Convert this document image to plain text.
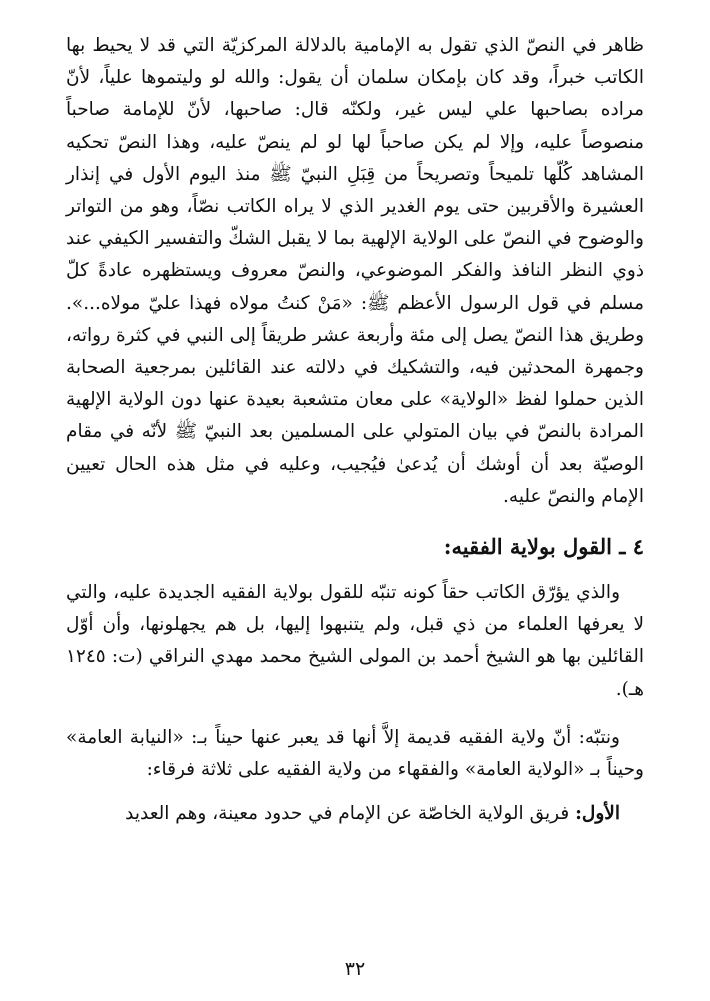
ظاهر في النصّ الذي تقول به الإمامية بالدلالة المركزيّة التي قد لا يحيط بها الكاتب خبراً، وقد كان بإمكان سلمان أن يقول: والله لو وليتموها علياً، لأنّ مراده بصاحبها علي ليس غير، ولكنّه قال: صاحبها، لأنّ للإمامة صاحباً منصوصاً عليه، وإلا لم يكن صاحباً لها لو لم ينصّ عليه، وهذا النصّ تحكيه المشاهد كُلّها تلميحاً وتصريحاً من قِبَلِ النبيّ ﷺ منذ اليوم الأول في إنذار العشيرة والأقربين حتى يوم الغدير الذي لا يراه الكاتب نصّاً، وهو من التواتر والوضوح في النصّ على الولاية الإلهية بما لا يقبل الشكّ والتفسير الكيفي عند ذوي النظر النافذ والفكر الموضوعي، والنصّ معروف ويستظهره عادةً كلّ مسلم في قول الرسول الأعظم ﷺ: «مَنْ كنتُ مولاه فهذا عليّ مولاه...». وطريق هذا النصّ يصل إلى مئة وأربعة عشر طريقاً إلى النبي في كثرة رواته، وجمهرة المحدثين فيه، والتشكيك في دلالته عند القائلين بمرجعية الصحابة الذين حملوا لفظ «الولاية» على معان متشعبة بعيدة عنها دون الولاية الإلهية المرادة بالنصّ في بيان المتولي على المسلمين بعد النبيّ ﷺ لأنّه في مقام الوصيّة بعد أن أوشك أن يُدعىٰ فيُجيب، وعليه في مثل هذه الحال تعيين الإمام والنصّ عليه.

٤ ـ القول بولاية الفقيه:

والذي يؤرّق الكاتب حقاً كونه تنبّه للقول بولاية الفقيه الجديدة عليه، والتي لا يعرفها العلماء من ذي قبل، ولم يتنبهوا إليها، بل هم يجهلونها، وأن أوّل القائلين بها هو الشيخ أحمد بن المولى الشيخ محمد مهدي النراقي (ت: ١٢٤٥ هـ).

ونتبّه: أنّ ولاية الفقيه قديمة إلاَّ أنها قد يعبر عنها حيناً بـ: «النيابة العامة» وحيناً بـ «الولاية العامة» والفقهاء من ولاية الفقيه على ثلاثة فرقاء:

الأول: فريق الولاية الخاصّة عن الإمام في حدود معينة، وهم العديد

٣٢
